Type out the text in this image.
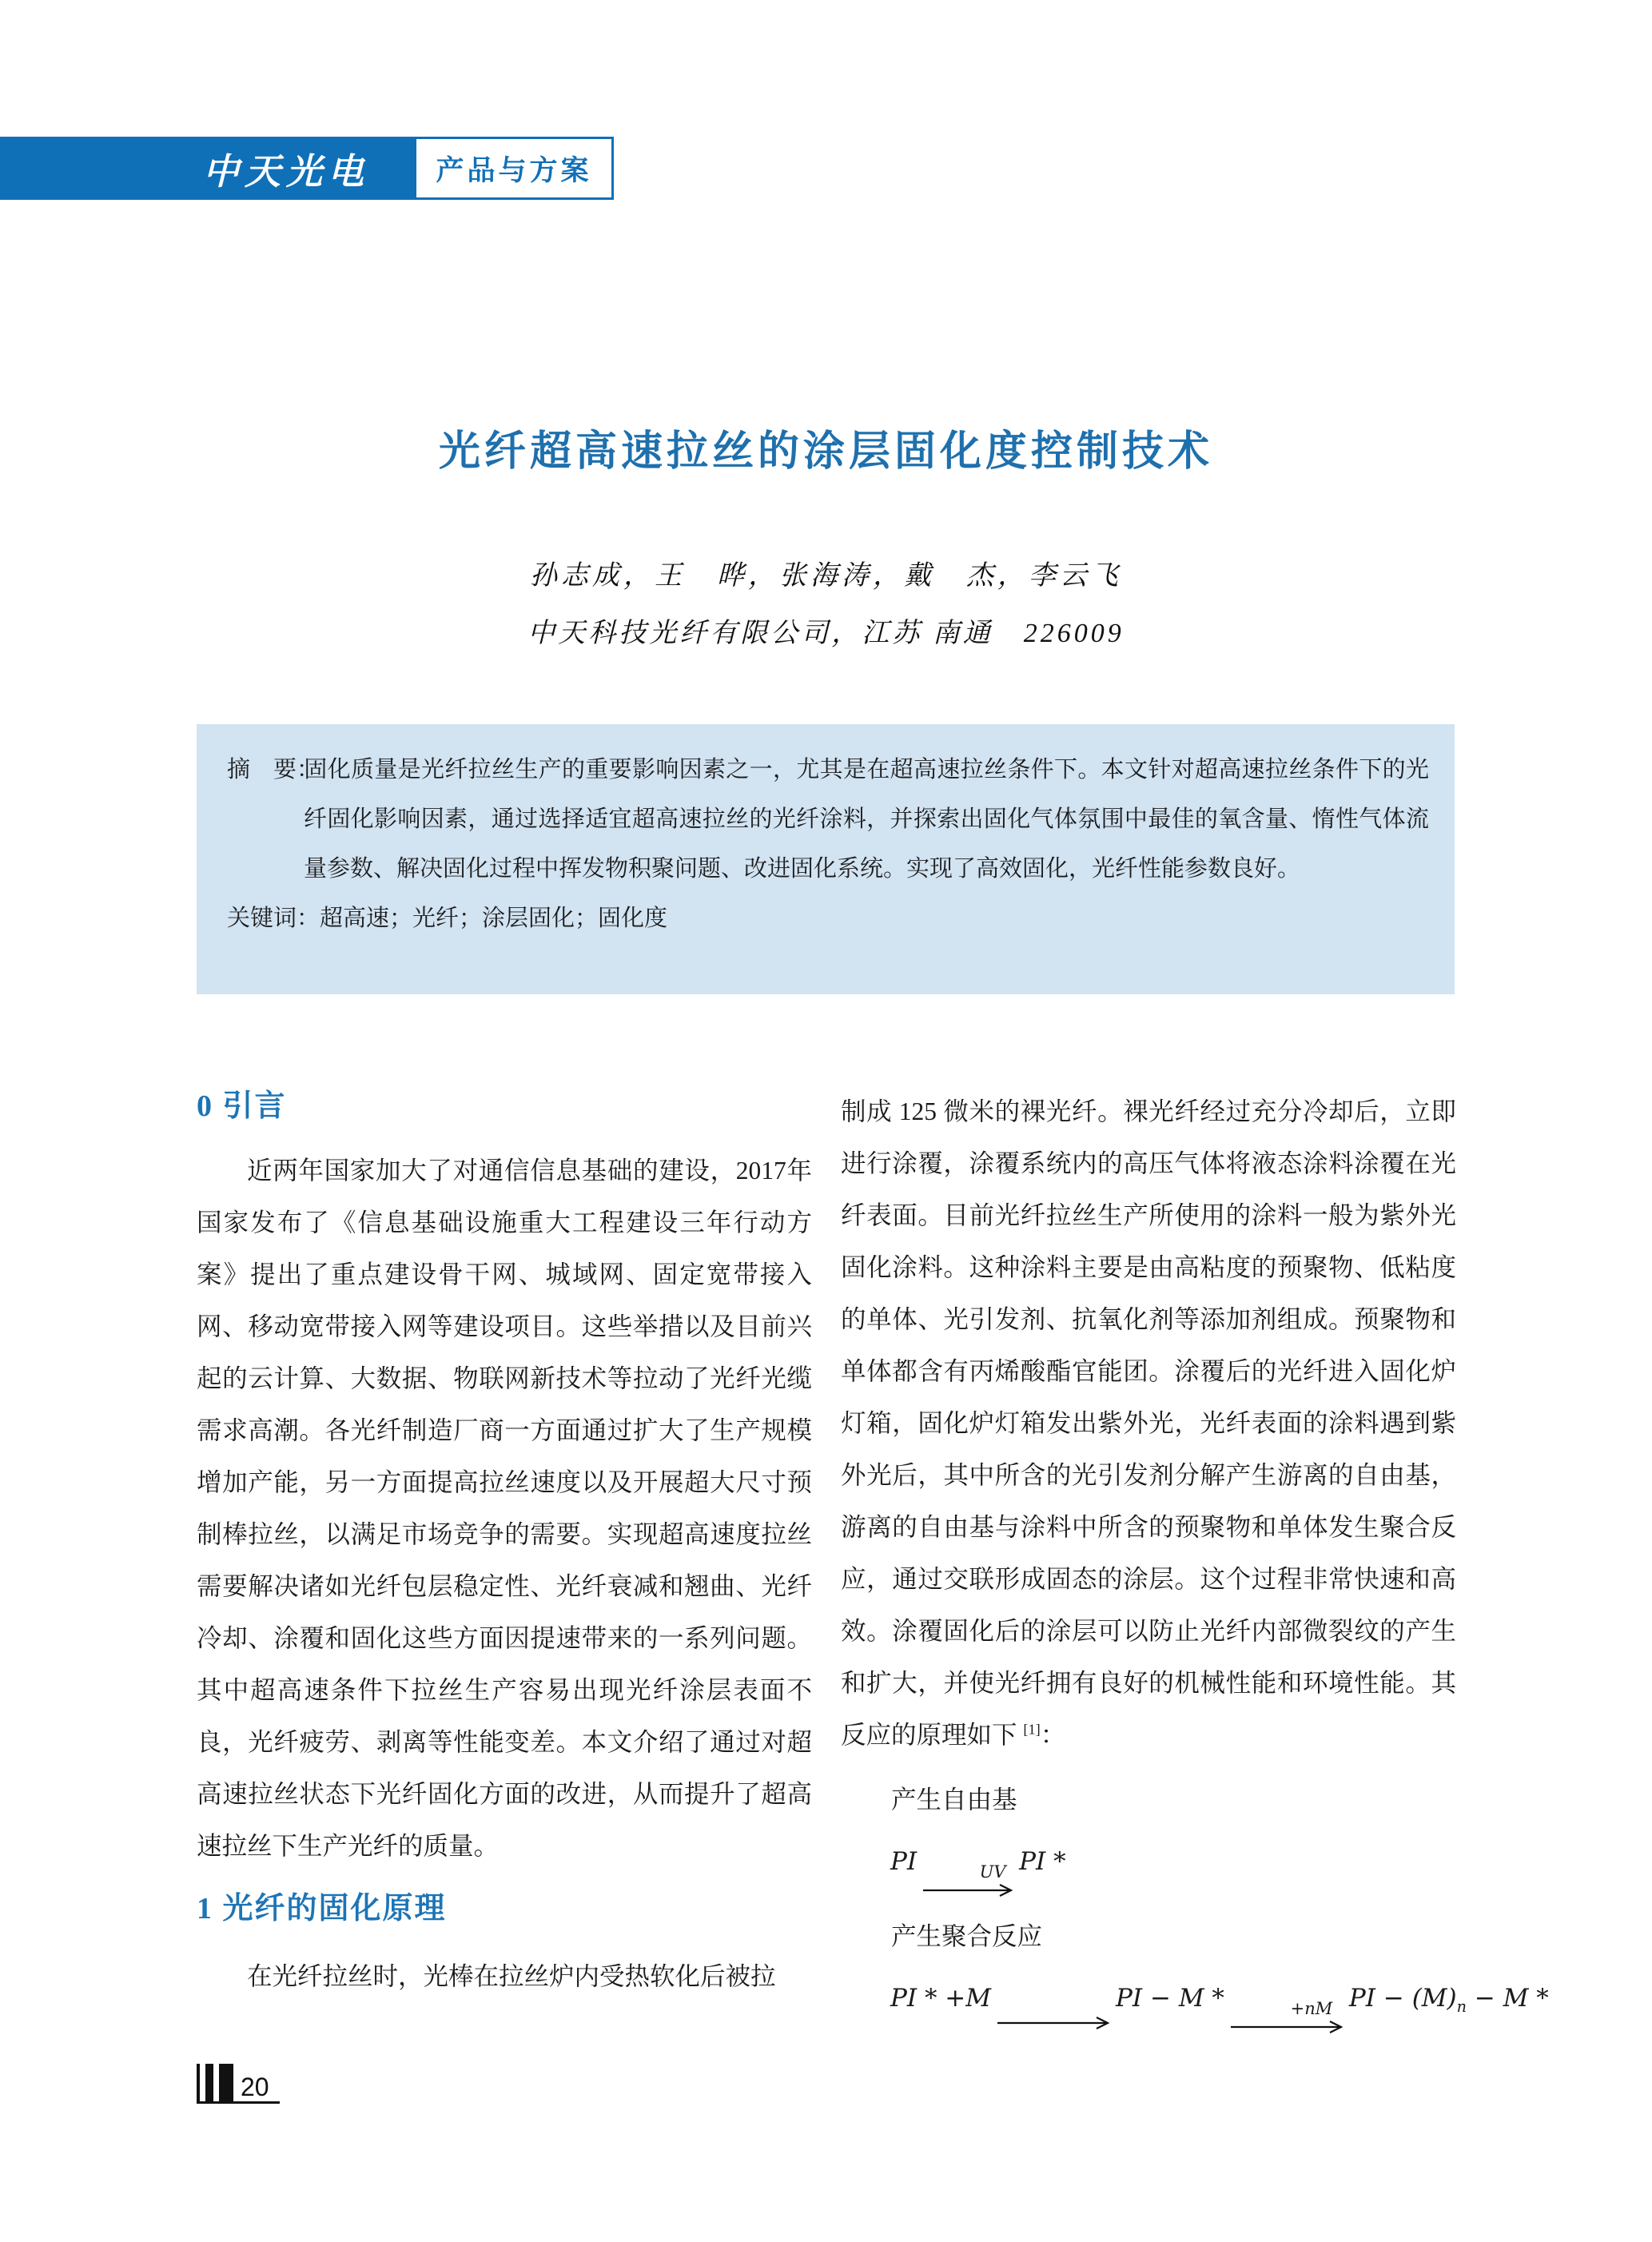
中天光电 产品与方案
光纤超高速拉丝的涂层固化度控制技术
孙志成，王　晔，张海涛，戴　杰，李云飞
中天科技光纤有限公司，江苏 南通　226009

摘　要：固化质量是光纤拉丝生产的重要影响因素之一，尤其是在超高速拉丝条件下。本文针对超高速拉丝条件下的光纤固化影响因素，通过选择适宜超高速拉丝的光纤涂料，并探索出固化气体氛围中最佳的氧含量、惰性气体流量参数、解决固化过程中挥发物积聚问题、改进固化系统。实现了高效固化，光纤性能参数良好。

关键词：超高速；光纤；涂层固化；固化度

0 引言

近两年国家加大了对通信信息基础的建设，2017年国家发布了《信息基础设施重大工程建设三年行动方案》提出了重点建设骨干网、城域网、固定宽带接入网、移动宽带接入网等建设项目。这些举措以及目前兴起的云计算、大数据、物联网新技术等拉动了光纤光缆需求高潮。各光纤制造厂商一方面通过扩大了生产规模增加产能，另一方面提高拉丝速度以及开展超大尺寸预制棒拉丝，以满足市场竞争的需要。实现超高速度拉丝需要解决诸如光纤包层稳定性、光纤衰减和翘曲、光纤冷却、涂覆和固化这些方面因提速带来的一系列问题。其中超高速条件下拉丝生产容易出现光纤涂层表面不良，光纤疲劳、剥离等性能变差。本文介绍了通过对超高速拉丝状态下光纤固化方面的改进，从而提升了超高速拉丝下生产光纤的质量。

1 光纤的固化原理

在光纤拉丝时，光棒在拉丝炉内受热软化后被拉

制成 125 微米的裸光纤。裸光纤经过充分冷却后，立即进行涂覆，涂覆系统内的高压气体将液态涂料涂覆在光纤表面。目前光纤拉丝生产所使用的涂料一般为紫外光固化涂料。这种涂料主要是由高粘度的预聚物、低粘度的单体、光引发剂、抗氧化剂等添加剂组成。预聚物和单体都含有丙烯酸酯官能团。涂覆后的光纤进入固化炉灯箱，固化炉灯箱发出紫外光，光纤表面的涂料遇到紫外光后，其中所含的光引发剂分解产生游离的自由基，游离的自由基与涂料中所含的预聚物和单体发生聚合反应，通过交联形成固态的涂层。这个过程非常快速和高效。涂覆固化后的涂层可以防止光纤内部微裂纹的产生和扩大，并使光纤拥有良好的机械性能和环境性能。其反应的原理如下 [1]：

产生自由基

PI	UV PI *

产生聚合反应

PI * +M	PI − M *	+nM PI − $(M)_n - M$ *

20
